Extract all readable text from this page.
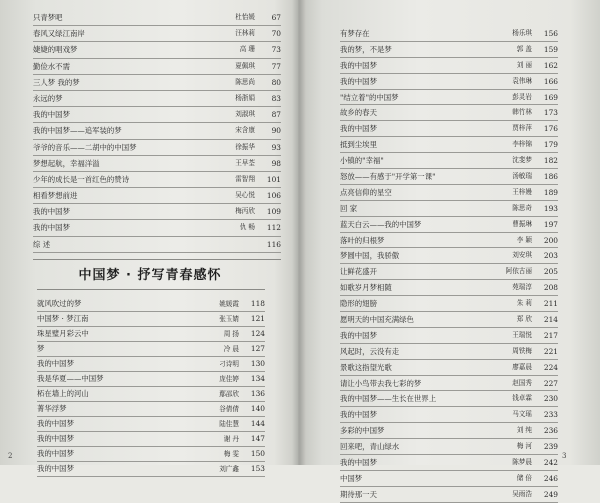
只青梦吧	杜怡媛 67
春风又绿江南岸	汪林莉 70
婕婕的唱戏梦	高 珊 73
勤俭水不需	夏佩琪 77
三人梦 我的梦	陈思尚 80
永远的梦	杨浙娟 83
我的中国梦	刘淑琪 87
我的中国梦——追军装的梦	宋含康 90
爷爷的音乐——二胡中的中国梦	徐振华 93
梦想起航，幸福洋溢	王早荃 98
少年的成长是一首红色的赞诗	雷智翔 101
相看梦想前进	吴心悦 106
我的中国梦	梅丙欣 109
我的中国梦	仇 畅 112
综 述	116
中国梦 · 抒写青春感怀
就风吹过的梦	姚媛霞 118
中国梦 · 梦江南	张玉婧 121
珠星璧月彩云中	周 扬 124
梦	冷 晨 127
我的中国梦	刁诗明 130
我是华夏——中国梦	庞佳婷 134
柘在墙上的河山	鄢邵欣 136
菁华浮梦	谷倩倩 140
我的中国梦	陆佳慧 144
我的中国梦	谢 丹 147
我的中国梦	梅 雯 150
我的中国梦	刘广鑫 153
有梦存在	杨乐琪 156
我的梦，不是梦	郭 盖 159
我的中国梦	刘 丽 162
我的中国梦	袁伟琳 166
"结立着"的中国梦	彭灵岩 169
故乡的春天	韩竹林 173
我的中国梦	贾梓萍 176
抵到尘埃里	李梓锦 179
小镇的"幸福"	沈斐梦 182
怒放——有感于"开学第一课"	汤敏瑞 186
点亮信仰的星空	王梓嫚 189
回 家	陈思奇 193
蓝天白云——我的中国梦	曹振琳 197
落叶的归根梦	李 颖 200
梦圆中国，我骄傲	刘安琪 203
让鲜花盛开	阿依古丽 205
如歌岁月梦相随	苑瑞淳 208
隐形的翅膀	朱 莉 211
愿明天的中国充满绿色	郑 欣 214
我的中国梦	王瑞悦 217
风起时，云没有走	周铁梅 221
景歌这指望光歌	廖嘉晨 224
请让小鸟带去我七彩的梦	赵国秀 227
我的中国梦——生长在世界上	钱卓霖 230
我的中国梦	马文瑶 233
多彩的中国梦	刘 纯 236
回来吧，青山绿水	梅 河 239
我的中国梦	陈梦晨 242
中国梦	储 倍 246
期待那一天	吴雨浩 249
2	3
